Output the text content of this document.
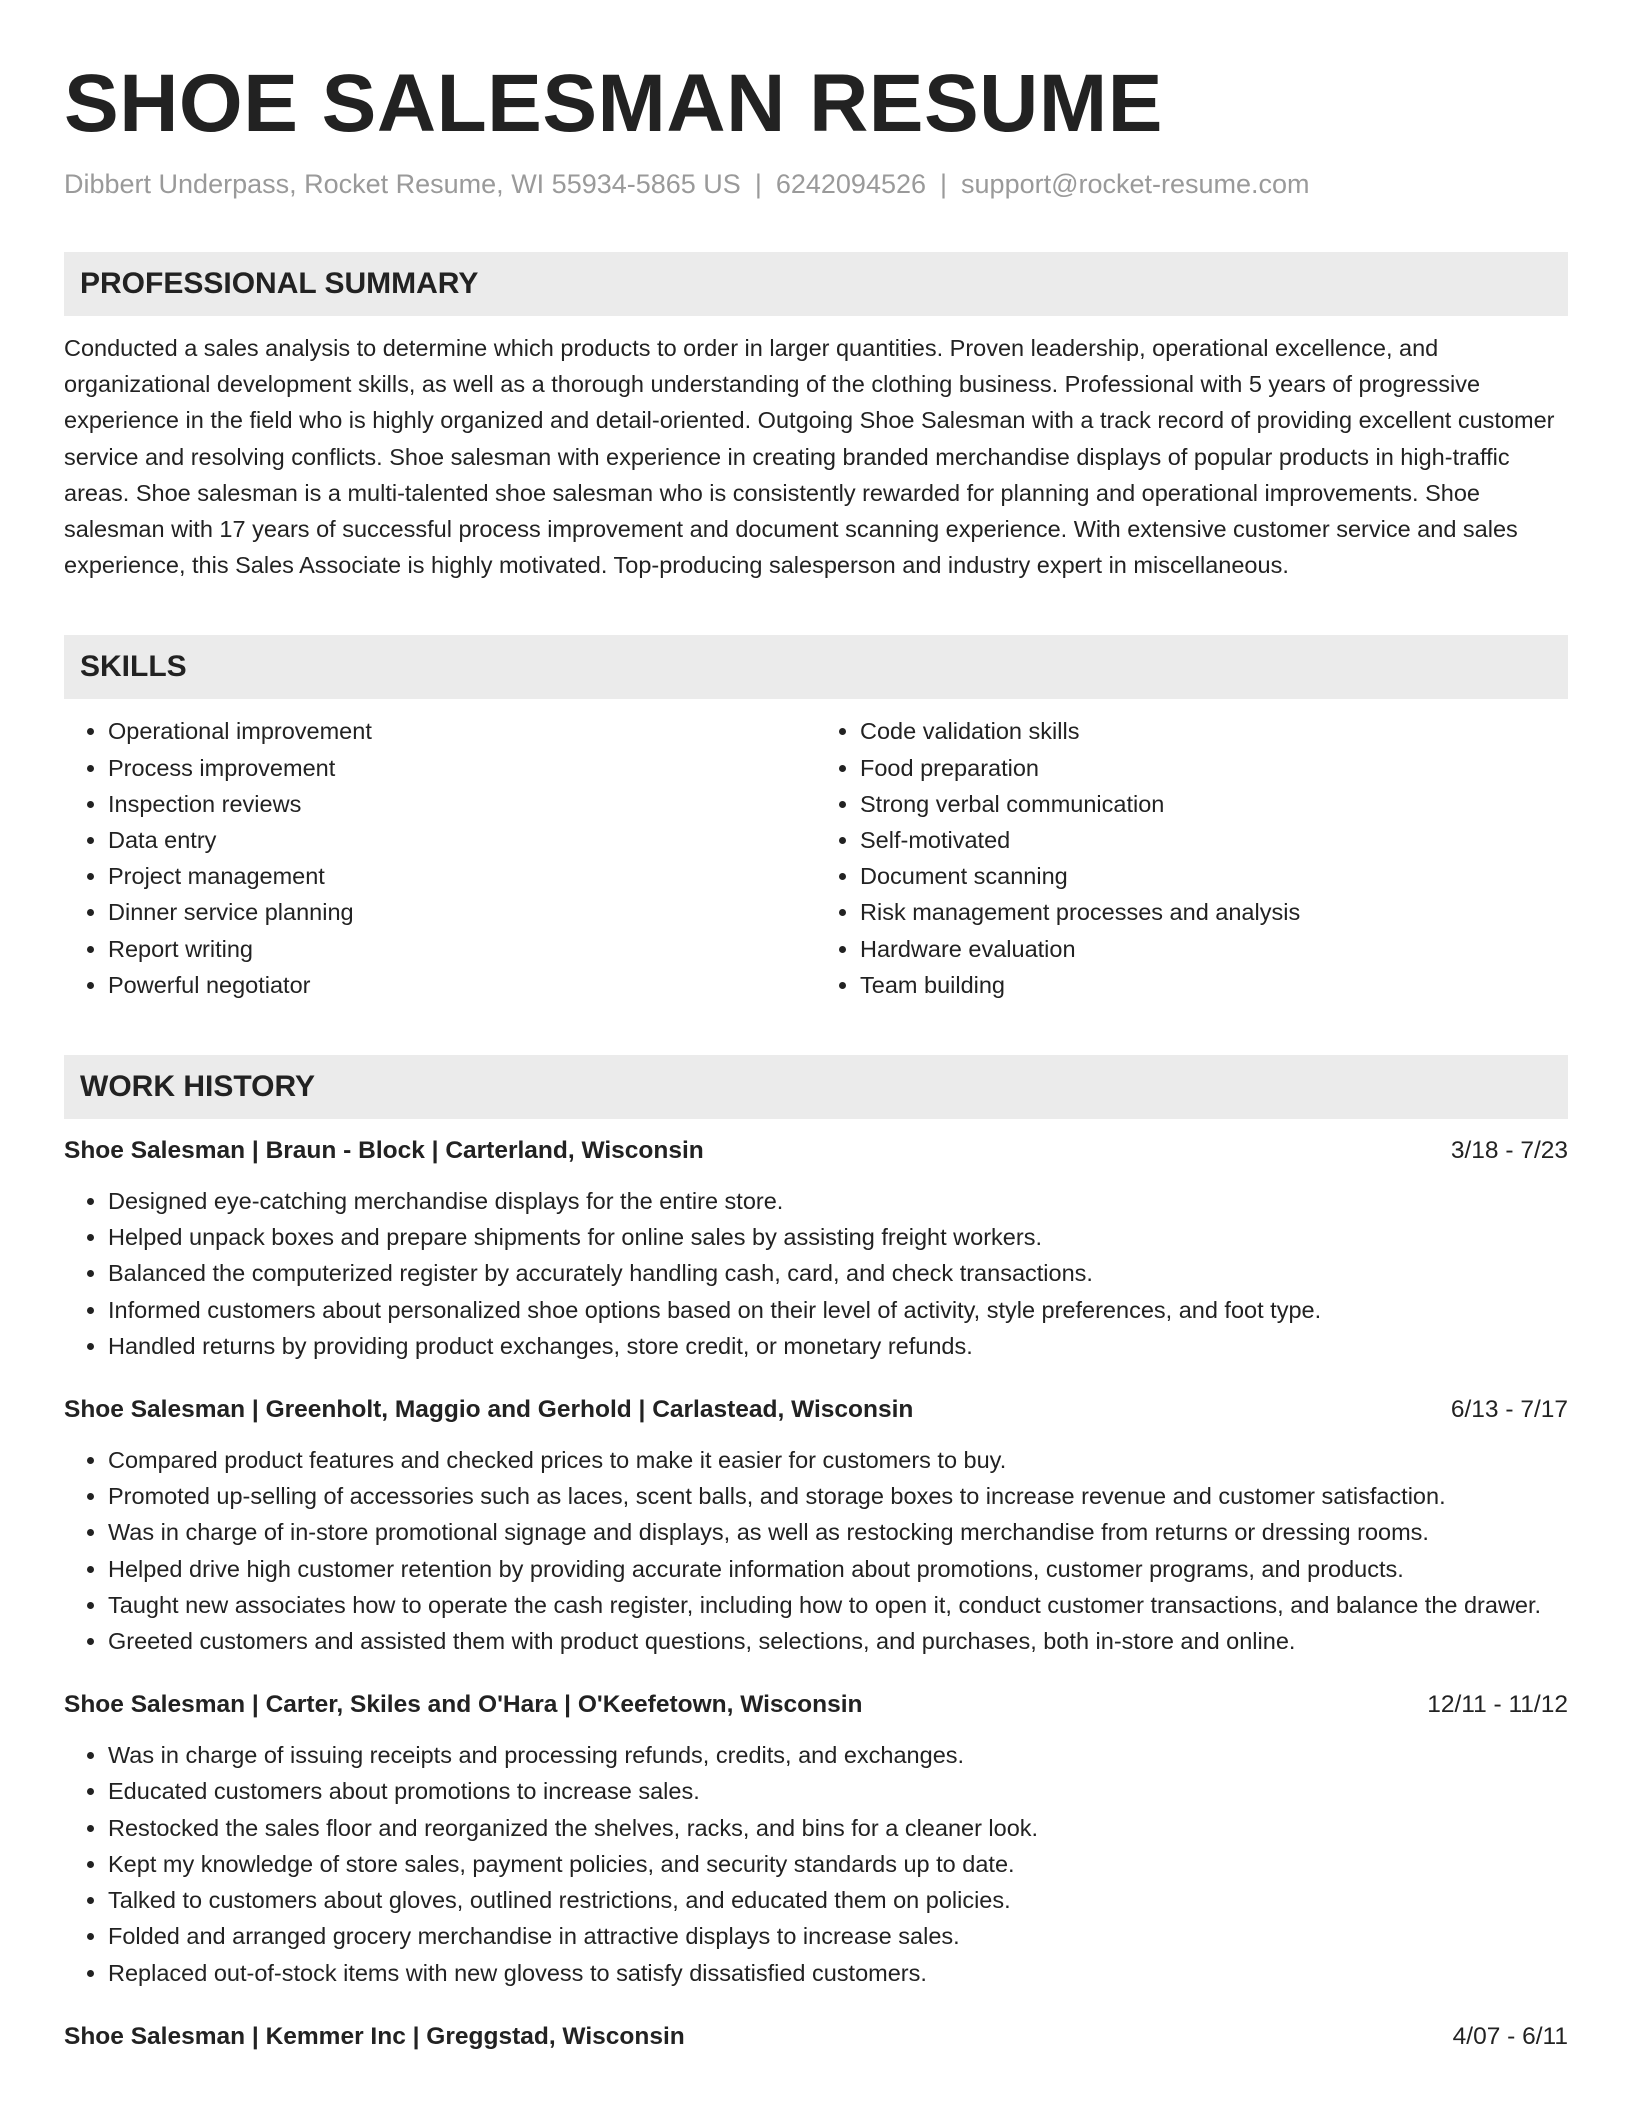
SHOE SALESMAN RESUME
Dibbert Underpass, Rocket Resume, WI 55934-5865 US | 6242094526 | support@rocket-resume.com
PROFESSIONAL SUMMARY
Conducted a sales analysis to determine which products to order in larger quantities. Proven leadership, operational excellence, and organizational development skills, as well as a thorough understanding of the clothing business. Professional with 5 years of progressive experience in the field who is highly organized and detail-oriented. Outgoing Shoe Salesman with a track record of providing excellent customer service and resolving conflicts. Shoe salesman with experience in creating branded merchandise displays of popular products in high-traffic areas. Shoe salesman is a multi-talented shoe salesman who is consistently rewarded for planning and operational improvements. Shoe salesman with 17 years of successful process improvement and document scanning experience. With extensive customer service and sales experience, this Sales Associate is highly motivated. Top-producing salesperson and industry expert in miscellaneous.
SKILLS
• Operational improvement
• Process improvement
• Inspection reviews
• Data entry
• Project management
• Dinner service planning
• Report writing
• Powerful negotiator
• Code validation skills
• Food preparation
• Strong verbal communication
• Self-motivated
• Document scanning
• Risk management processes and analysis
• Hardware evaluation
• Team building
WORK HISTORY
Shoe Salesman | Braun - Block | Carterland, Wisconsin	3/18 - 7/23
• Designed eye-catching merchandise displays for the entire store.
• Helped unpack boxes and prepare shipments for online sales by assisting freight workers.
• Balanced the computerized register by accurately handling cash, card, and check transactions.
• Informed customers about personalized shoe options based on their level of activity, style preferences, and foot type.
• Handled returns by providing product exchanges, store credit, or monetary refunds.
Shoe Salesman | Greenholt, Maggio and Gerhold | Carlastead, Wisconsin	6/13 - 7/17
• Compared product features and checked prices to make it easier for customers to buy.
• Promoted up-selling of accessories such as laces, scent balls, and storage boxes to increase revenue and customer satisfaction.
• Was in charge of in-store promotional signage and displays, as well as restocking merchandise from returns or dressing rooms.
• Helped drive high customer retention by providing accurate information about promotions, customer programs, and products.
• Taught new associates how to operate the cash register, including how to open it, conduct customer transactions, and balance the drawer.
• Greeted customers and assisted them with product questions, selections, and purchases, both in-store and online.
Shoe Salesman | Carter, Skiles and O'Hara | O'Keefetown, Wisconsin	12/11 - 11/12
• Was in charge of issuing receipts and processing refunds, credits, and exchanges.
• Educated customers about promotions to increase sales.
• Restocked the sales floor and reorganized the shelves, racks, and bins for a cleaner look.
• Kept my knowledge of store sales, payment policies, and security standards up to date.
• Talked to customers about gloves, outlined restrictions, and educated them on policies.
• Folded and arranged grocery merchandise in attractive displays to increase sales.
• Replaced out-of-stock items with new glovess to satisfy dissatisfied customers.
Shoe Salesman | Kemmer Inc | Greggstad, Wisconsin	4/07 - 6/11
